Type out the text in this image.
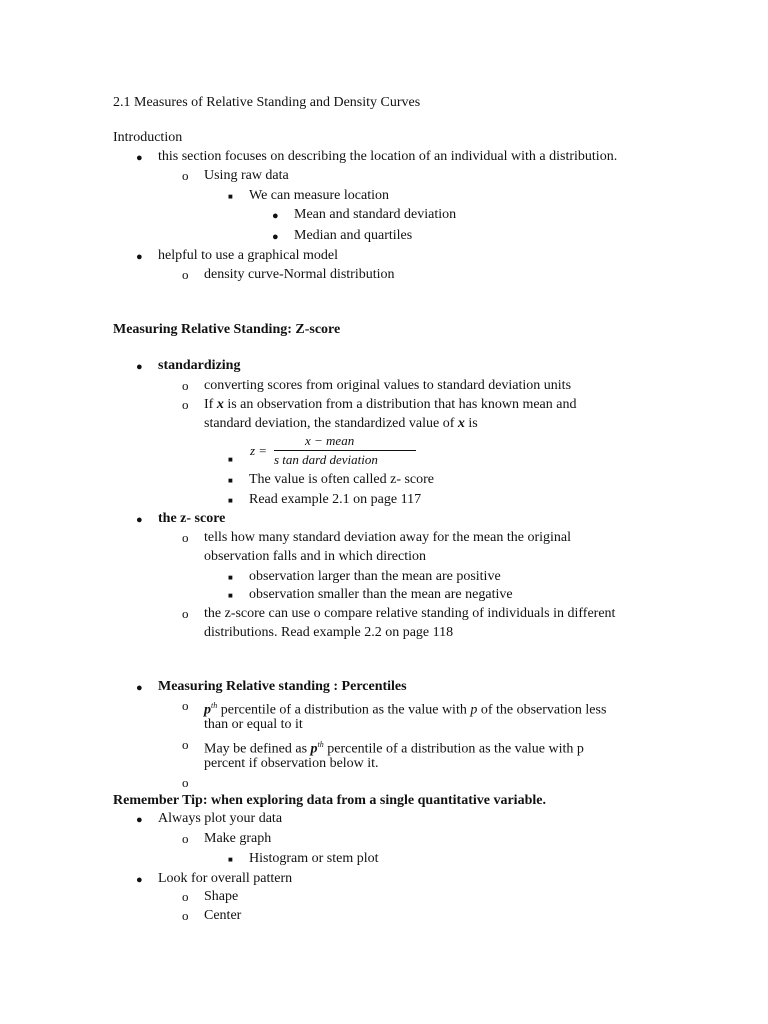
2.1 Measures of Relative Standing and Density Curves
Introduction
● this section focuses on describing the location of an individual with a distribution.
o Using raw data
■ We can measure location
● Mean and standard deviation
● Median and quartiles
● helpful to use a graphical model
o density curve-Normal distribution
Measuring Relative Standing: Z-score
● standardizing
o converting scores from original values to standard deviation units
o If x is an observation from a distribution that has known mean and
standard deviation, the standardized value of x is
■
z =
x − mean
s tan dard deviation
■ The value is often called z- score
■ Read example 2.1 on page 117
● the z- score
o tells how many standard deviation away for the mean the original
observation falls and in which direction
■ observation larger than the mean are positive
■ observation smaller than the mean are negative
o the z-score can use o compare relative standing of individuals in different
distributions. Read example 2.2 on page 118
● Measuring Relative standing : Percentiles
o $p^{th}$ percentile of a distribution as the value with p of the observation less
than or equal to it
o May be defined as $p^{th}$ percentile of a distribution as the value with p
percent if observation below it.
o
Remember Tip: when exploring data from a single quantitative variable.
● Always plot your data
o Make graph
■ Histogram or stem plot
● Look for overall pattern
o Shape
o Center
